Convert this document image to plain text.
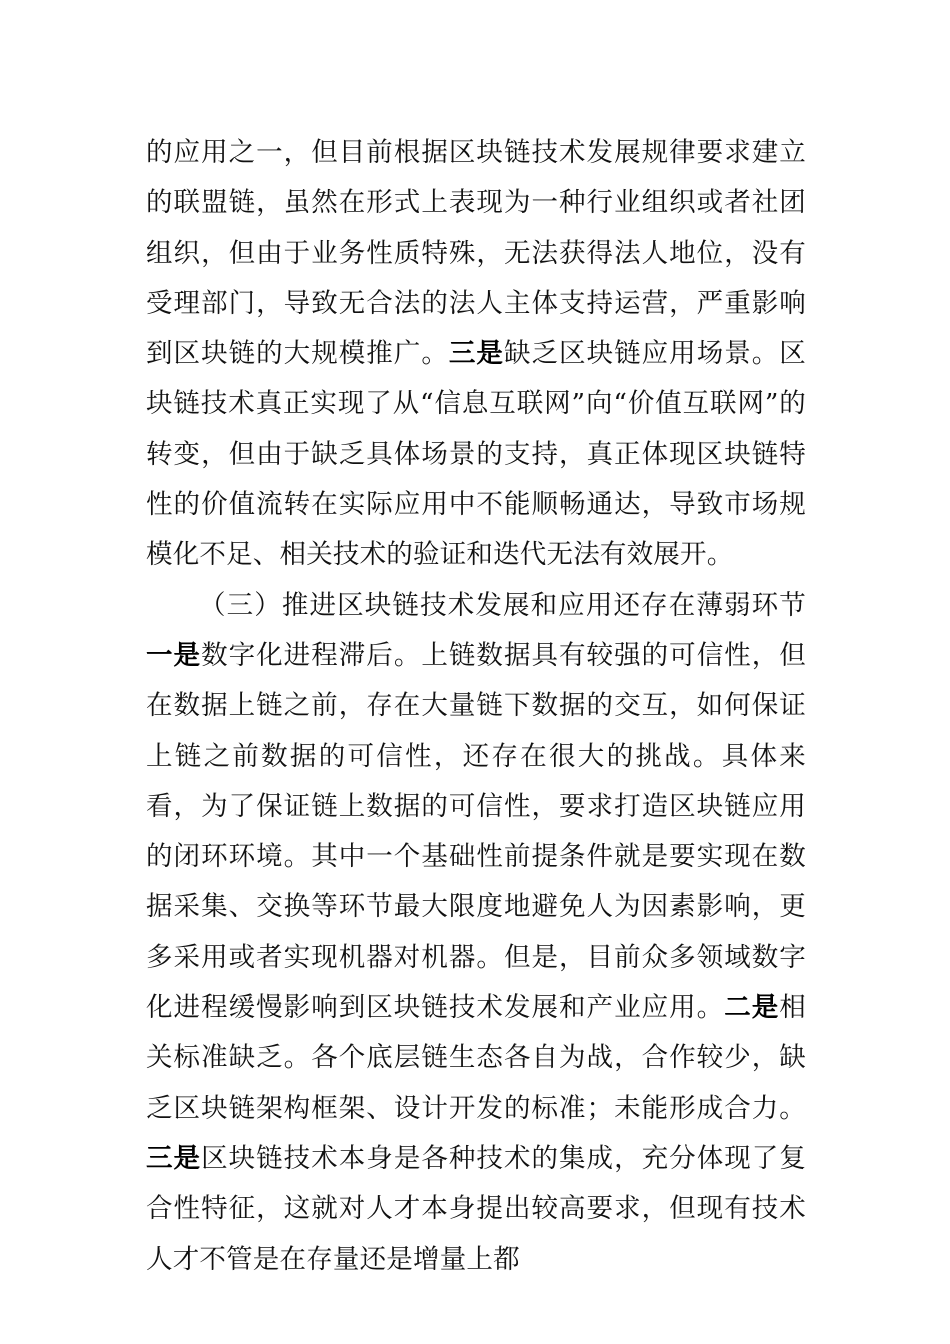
的应用之一，但目前根据区块链技术发展规律要求建立的联盟链，虽然在形式上表现为一种行业组织或者社团组织，但由于业务性质特殊，无法获得法人地位，没有受理部门，导致无合法的法人主体支持运营，严重影响到区块链的大规模推广。三是缺乏区块链应用场景。区块链技术真正实现了从“信息互联网”向“价值互联网”的转变，但由于缺乏具体场景的支持，真正体现区块链特性的价值流转在实际应用中不能顺畅通达，导致市场规模化不足、相关技术的验证和迭代无法有效展开。

（三）推进区块链技术发展和应用还存在薄弱环节一是数字化进程滞后。上链数据具有较强的可信性，但在数据上链之前，存在大量链下数据的交互，如何保证上链之前数据的可信性，还存在很大的挑战。具体来看，为了保证链上数据的可信性，要求打造区块链应用的闭环环境。其中一个基础性前提条件就是要实现在数据采集、交换等环节最大限度地避免人为因素影响，更多采用或者实现机器对机器。但是，目前众多领域数字化进程缓慢影响到区块链技术发展和产业应用。二是相关标准缺乏。各个底层链生态各自为战，合作较少，缺乏区块链架构框架、设计开发的标准；未能形成合力。三是区块链技术本身是各种技术的集成，充分体现了复合性特征，这就对人才本身提出较高要求，但现有技术人才不管是在存量还是增量上都
